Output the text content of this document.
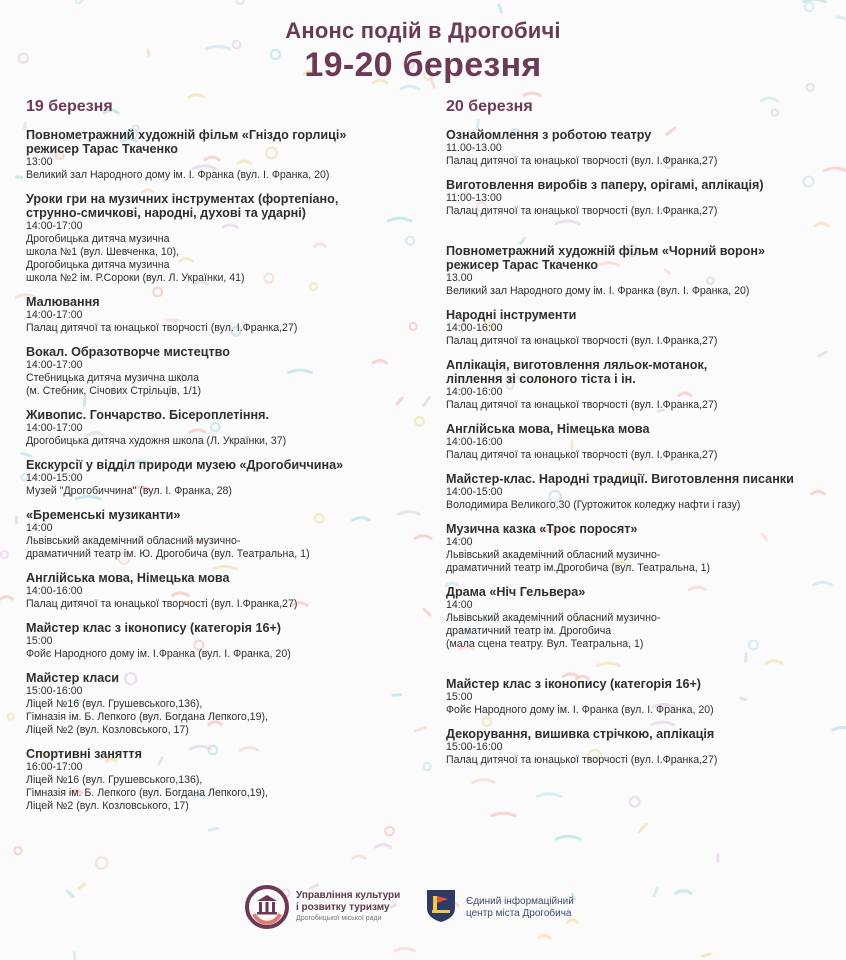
Анонс подій в Дрогобичі
19-20 березня
19 березня
Повнометражний художній фільм «Гніздо горлиці»
режисер Тарас Ткаченко
13:00
Великий зал Народного дому ім. І. Франка (вул. І. Франка, 20)
Уроки гри на музичних інструментах (фортепіано,
струнно-смичкові, народні, духові та ударні)
14:00-17:00
Дрогобицька дитяча музична
школа №1 (вул. Шевченка, 10),
Дрогобицька дитяча музична
школа №2 ім. Р.Сороки (вул. Л. Українки, 41)
Малювання
14:00-17:00
Палац дитячої та юнацької творчості (вул. І.Франка,27)
Вокал. Образотворче мистецтво
14:00-17:00
Стебницька дитяча музична школа
(м. Стебник, Січових Стрільців, 1/1)
Живопис. Гончарство. Бісероплетіння.
14:00-17:00
Дрогобицька дитяча художня школа (Л. Українки, 37)
Екскурсії у відділ природи музею «Дрогобиччина»
14:00-15:00
Музей "Дрогобиччина" (вул. І. Франка, 28)
«Бременські музиканти»
14:00
Львівський академічний обласний музично-
драматичний театр ім. Ю. Дрогобича (вул. Театральна, 1)
Англійська мова, Німецька мова
14:00-16:00
Палац дитячої та юнацької творчості (вул. І.Франка,27)
Майстер клас з іконопису (категорія 16+)
15:00
Фойє Народного дому ім. І.Франка (вул. І. Франка, 20)
Майстер класи
15:00-16:00
Ліцей №16 (вул. Грушевського,136),
Гімназія ім. Б. Лепкого (вул. Богдана Лепкого,19),
Ліцей №2 (вул. Козловського, 17)
Спортивні заняття
16:00-17:00
Ліцей №16 (вул. Грушевського,136),
Гімназія ім. Б. Лепкого (вул. Богдана Лепкого,19),
Ліцей №2 (вул. Козловського, 17)
20 березня
Ознайомлення з роботою театру
11.00-13.00
Палац дитячої та юнацької творчості (вул. І.Франка,27)
Виготовлення виробів з паперу, орігамі, аплікація)
11:00-13:00
Палац дитячої та юнацької творчості (вул. І.Франка,27)
Повнометражний художній фільм «Чорний ворон»
режисер Тарас Ткаченко
13.00
Великий зал Народного дому ім. І. Франка (вул. І. Франка, 20)
Народні інструменти
14:00-16:00
Палац дитячої та юнацької творчості (вул. І.Франка,27)
Аплікація, виготовлення ляльок-мотанок,
ліплення зі солоного тіста і ін.
14:00-16:00
Палац дитячої та юнацької творчості (вул. І.Франка,27)
Англійська мова, Німецька мова
14:00-16:00
Палац дитячої та юнацької творчості (вул. І.Франка,27)
Майстер-клас. Народні традиції. Виготовлення писанки
14:00-15:00
Володимира Великого,30 (Гуртожиток коледжу нафти і газу)
Музична казка «Троє поросят»
14:00
Львівський академічний обласний музично-
драматичний театр ім.Дрогобича (вул. Театральна, 1)
Драма «Ніч Гельвера»
14:00
Львівський академічний обласний музично-
драматичний театр ім. Дрогобича
(мала сцена театру. Вул. Театральна, 1)
Майстер клас з іконопису (категорія 16+)
15:00
Фойє Народного дому ім. І. Франка (вул. І. Франка, 20)
Декорування, вишивка стрічкою, аплікація
15:00-16:00
Палац дитячої та юнацької творчості (вул. І.Франка,27)
Управління культури
і розвитку туризму
Дрогобицької міської ради
Єдиний інформаційний
центр міста Дрогобича
